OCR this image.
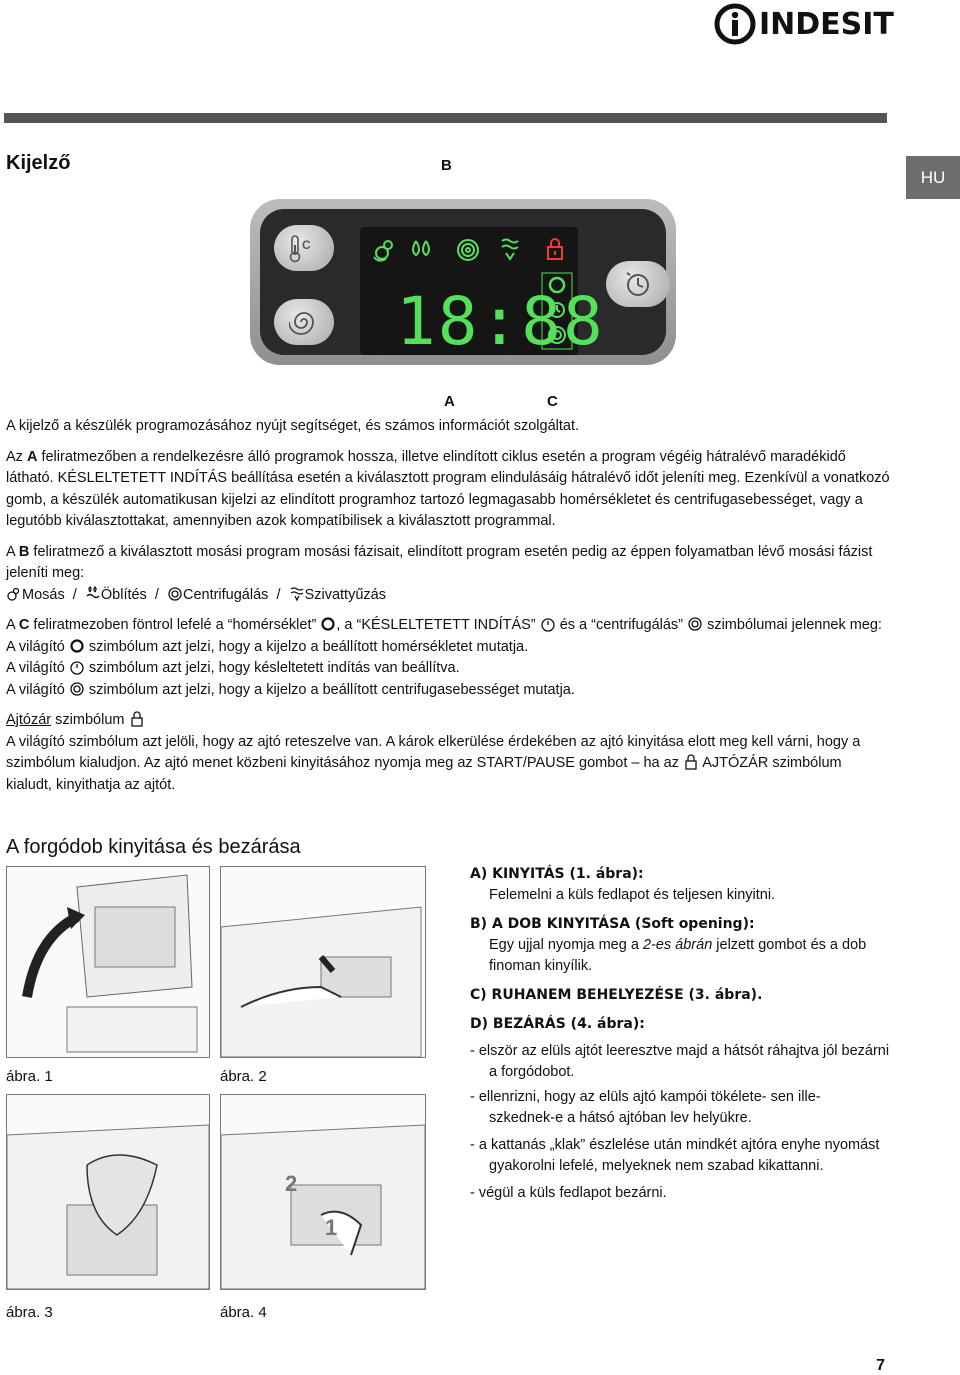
INDESIT
Kijelző
HU
B
A	C
C
18:88

A kijelző a készülék programozásához nyújt segítséget, és számos információt szolgáltat.

Az A feliratmezőben a rendelkezésre álló programok hossza, illetve elindított ciklus esetén a program végéig hátralévő maradékidő látható. KÉSLELTETETT INDÍTÁS beállítása esetén a kiválasztott program elindulásáig hátralévő időt jeleníti meg. Ezenkívül a vonatkozó gomb, a készülék automatikusan kijelzi az elindított programhoz tartozó legmagasabb homérsékletet és centrifugasebességet, vagy a legutóbb kiválasztottakat, amennyiben azok kompatíbilisek a kiválasztott programmal.

A B feliratmező a kiválasztott mosási program mosási fázisait, elindított program esetén pedig az éppen folyamatban lévő mosási fázist jeleníti meg:

Mosás / Öblítés / Centrifugálás / Szivattyűzás

A C feliratmezoben föntrol lefelé a “homérséklet” , a “KÉSLELTETETT INDÍTÁS”  és a “centrifugálás”  szimbólumai jelennek meg:

A világító  szimbólum azt jelzi, hogy a kijelzo a beállított homérsékletet mutatja.

A világító  szimbólum azt jelzi, hogy késleltetett indítás van beállítva.

A világító  szimbólum azt jelzi, hogy a kijelzo a beállított centrifugasebességet mutatja.

Ajtózár szimbólum

A világító szimbólum azt jelöli, hogy az ajtó reteszelve van. A károk elkerülése érdekében az ajtó kinyitása elott meg kell várni, hogy a szimbólum kialudjon. Az ajtó menet közbeni kinyitásához nyomja meg az START/PAUSE gombot – ha az  AJTÓZÁR szimbólum kialudt, kinyithatja az ajtót.

A forgódob kinyitása és bezárása
ábra. 1	ábra. 2
2
1
ábra. 3	ábra. 4
A) KINYITÁS (1. ábra):
Felemelni a küls fedlapot és teljesen kinyitni.
B) A DOB KINYITÁSA (Soft opening):
Egy ujjal nyomja meg a 2-es ábrán jelzett gombot és a dob finoman kinyílik.
C) RUHANEM BEHELYEZÉSE (3. ábra).
D) BEZÁRÁS (4. ábra):
- elször az elüls ajtót leeresztve majd a hátsót ráhajtva jól bezárni a forgódobot.
- ellenrizni, hogy az elüls ajtó kampói tökélete- sen ille- szkednek-e a hátsó ajtóban lev helyükre.
- a kattanás „klak” észlelése után mindkét ajtóra enyhe nyomást gyakorolni lefelé, melyeknek nem szabad kikattanni.
- végül a küls fedlapot bezárni.
7
